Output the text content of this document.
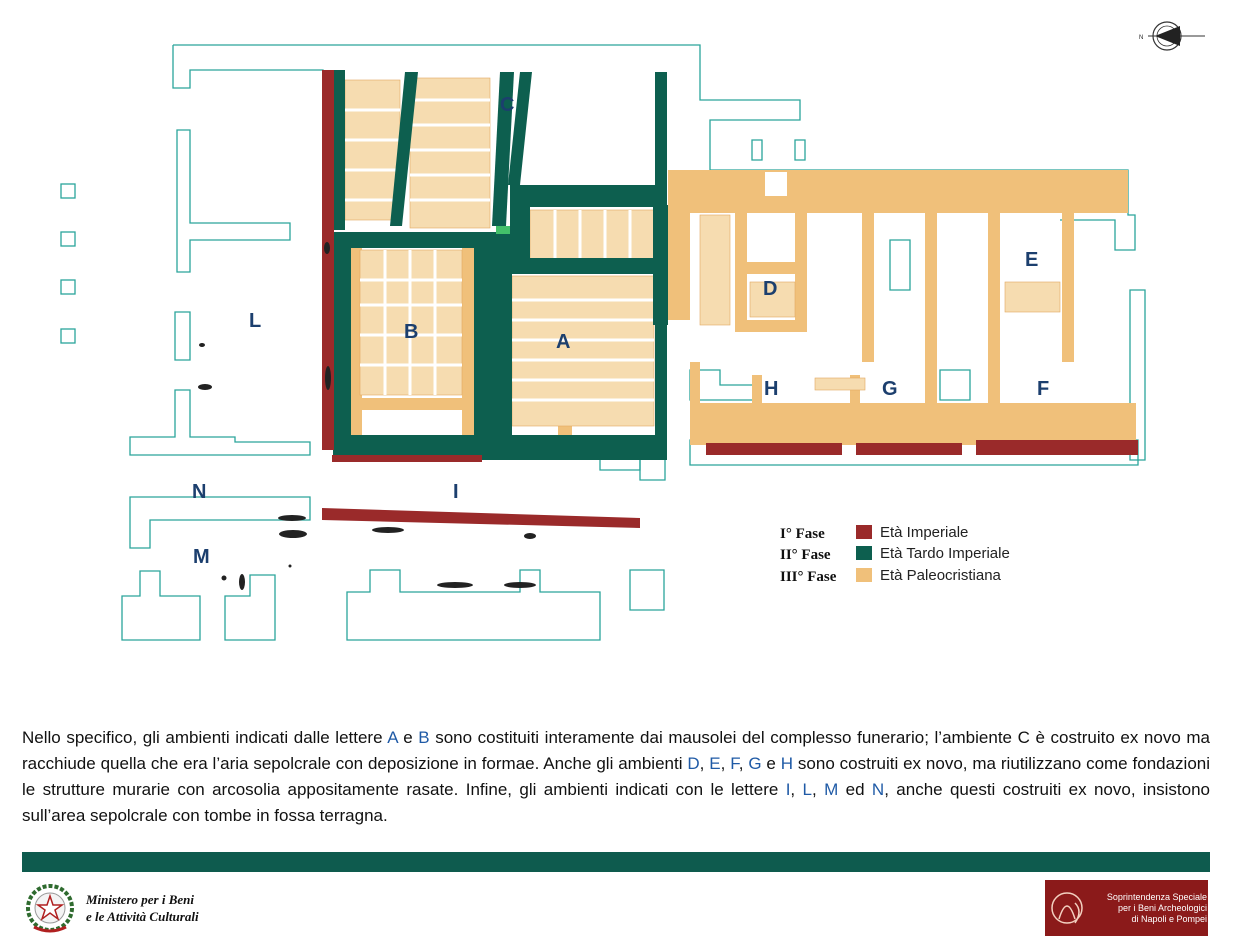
N
A
B
C
D
E
F
G
H
I
L
M
N
I° Fase	Età Imperiale
II° Fase	Età Tardo Imperiale
III° Fase	Età Paleocristiana

Nello specifico, gli ambienti indicati dalle lettere A e B sono costituiti interamente dai mausolei del complesso funerario; l’ambiente C è costruito ex novo ma racchiude quella che era l’aria sepolcrale con deposizione in formae. Anche gli ambienti D, E, F, G e H sono costruiti ex novo, ma riutilizzano come fondazioni le strutture murarie con arcosolia appositamente rasate. Infine, gli ambienti indicati con le lettere I, L, M ed N, anche questi costruiti ex novo, insistono sull’area sepolcrale con tombe in fossa terragna.

Ministero per i Beni
e le Attività Culturali
Soprintendenza Speciale
per i Beni Archeologici
di Napoli e Pompei
